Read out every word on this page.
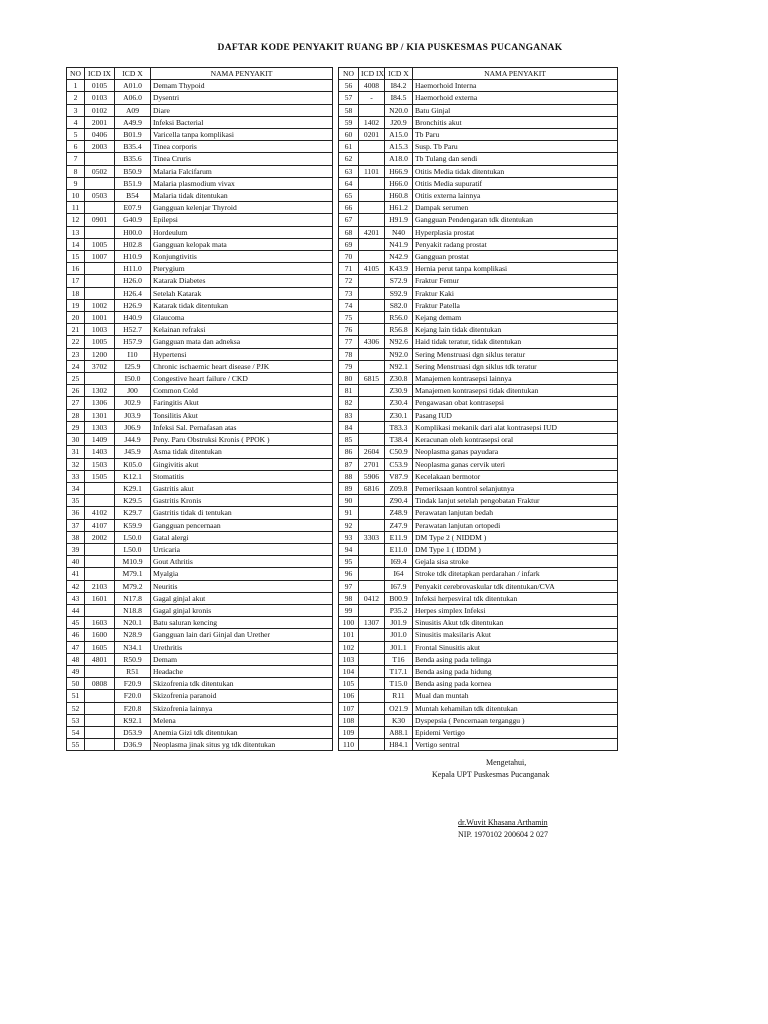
DAFTAR KODE PENYAKIT RUANG BP / KIA PUSKESMAS PUCANGANAK
NO	ICD IX	ICD X	NAMA PENYAKIT
1	0105	A01.0	Demam Thypoid
2	0103	A06.0	Dysentri
3	0102	A09	Diare
4	2001	A49.9	Infeksi Bacterial
5	0406	B01.9	Varicella tanpa komplikasi
6	2003	B35.4	Tinea corporis
7		B35.6	Tinea Cruris
8	0502	B50.9	Malaria Falcifarum
9		B51.9	Malaria plasmodium vivax
10	0503	B54	Malaria tidak ditentukan
11		E07.9	Gangguan kelenjar Thyroid
12	0901	G40.9	Epilepsi
13		H00.0	Hordeulum
14	1005	H02.8	Gangguan kelopak mata
15	1007	H10.9	Konjungtivitis
16		H11.0	Pterygium
17		H26.0	Katarak Diabetes
18		H26.4	Setelah Katarak
19	1002	H26.9	Katarak tidak ditentukan
20	1001	H40.9	Glaucoma
21	1003	H52.7	Kelainan refraksi
22	1005	H57.9	Gangguan mata dan adneksa
23	1200	I10	Hypertensi
24	3702	I25.9	Chronic ischaemic heart disease / PJK
25		I50.0	Congestive heart failure / CKD
26	1302	J00	Common Cold
27	1306	J02.9	Faringitis Akut
28	1301	J03.9	Tonsilitis Akut
29	1303	J06.9	Infeksi Sal. Pernafasan atas
30	1409	J44.9	Peny. Paru Obstruksi Kronis ( PPOK )
31	1403	J45.9	Asma tidak ditentukan
32	1503	K05.0	Gingivitis akut
33	1505	K12.1	Stomatitis
34		K29.1	Gastritis akut
35		K29.5	Gastritis Kronis
36	4102	K29.7	Gastritis tidak di tentukan
37	4107	K59.9	Gangguan pencernaan
38	2002	L50.0	Gatal alergi
39		L50.0	Urticaria
40		M10.9	Gout Athritis
41		M79.1	Myalgia
42	2103	M79.2	Neuritis
43	1601	N17.8	Gagal ginjal akut
44		N18.8	Gagal ginjal kronis
45	1603	N20.1	Batu saluran kencing
46	1600	N28.9	Gangguan lain dari Ginjal dan Urether
47	1605	N34.1	Urethritis
48	4801	R50.9	Demam
49		R51	Headache
50	0808	F20.9	Skizofrenia tdk ditentukan
51		F20.0	Skizofrenia paranoid
52		F20.8	Skizofrenia lainnya
53		K92.1	Melena
54		D53.9	Anemia Gizi tdk ditentukan
55		D36.9	Neoplasma jinak situs yg tdk ditentukan
NO	ICD IX	ICD X	NAMA PENYAKIT
56	4008	I84.2	Haemorhoid Interna
57	-	I84.5	Haemorhoid externa
58		N20.0	Batu Ginjal
59	1402	J20.9	Bronchitis akut
60	0201	A15.0	Tb Paru
61		A15.3	Susp. Tb Paru
62		A18.0	Tb Tulang dan sendi
63	1101	H66.9	Otitis Media tidak ditentukan
64		H66.0	Otitis Media supuratif
65		H60.8	Otitis externa lainnya
66		H61.2	Dampak serumen
67		H91.9	Gangguan Pendengaran tdk ditentukan
68	4201	N40	Hyperplasia prostat
69		N41.9	Penyakit radang prostat
70		N42.9	Gangguan prostat
71	4105	K43.9	Hernia perut tanpa komplikasi
72		S72.9	Fraktur Femur
73		S92.9	Fraktur Kaki
74		S82.0	Fraktur Patella
75		R56.0	Kejang demam
76		R56.8	Kejang lain tidak ditentukan
77	4306	N92.6	Haid tidak teratur, tidak ditentukan
78		N92.0	Sering Menstruasi dgn siklus teratur
79		N92.1	Sering Menstruasi dgn siklus tdk teratur
80	6815	Z30.8	Manajemen kontrasepsi lainnya
81		Z30.9	Manajemen kontrasepsi tidak ditentukan
82		Z30.4	Pengawasan obat kontrasepsi
83		Z30.1	Pasang IUD
84		T83.3	Komplikasi mekanik dari alat kontrasepsi IUD
85		T38.4	Keracunan oleh kontrasepsi oral
86	2604	C50.9	Neoplasma ganas payudara
87	2701	C53.9	Neoplasma ganas cervik uteri
88	5906	V87.9	Kecelakaan bermotor
89	6816	Z09.8	Pemeriksaan kontrol selanjutnya
90		Z90.4	Tindak lanjut setelah pengobatan Fraktur
91		Z48.9	Perawatan lanjutan bedah
92		Z47.9	Perawatan lanjutan ortopedi
93	3303	E11.9	DM Type 2 ( NIDDM )
94		E11.0	DM Type 1 ( IDDM )
95		I69.4	Gejala sisa stroke
96		I64	Stroke tdk ditetapkan perdarahan / infark
97		I67.9	Penyakit cerebrovaskular tdk ditentukan/CVA
98	0412	B00.9	Infeksi herpesviral tdk ditentukan
99		P35.2	Herpes simplex Infeksi
100	1307	J01.9	Sinusitis Akut tdk ditentukan
101		J01.0	Sinusitis maksilaris Akut
102		J01.1	Frontal Sinusitis akut
103		T16	Benda asing pada telinga
104		T17.1	Benda asing pada hidung
105		T15.0	Benda asing pada kornea
106		R11	Mual dan muntah
107		O21.9	Muntah kehamilan tdk ditentukan
108		K30	Dyspepsia ( Pencernaan terganggu )
109		A88.1	Epidemi Vertigo
110		H84.1	Vertigo sentral
Mengetahui,
Kepala UPT Puskesmas Pucanganak
dr.Wuvit Khasana Arthamin
NIP. 1970102 200604 2 027
